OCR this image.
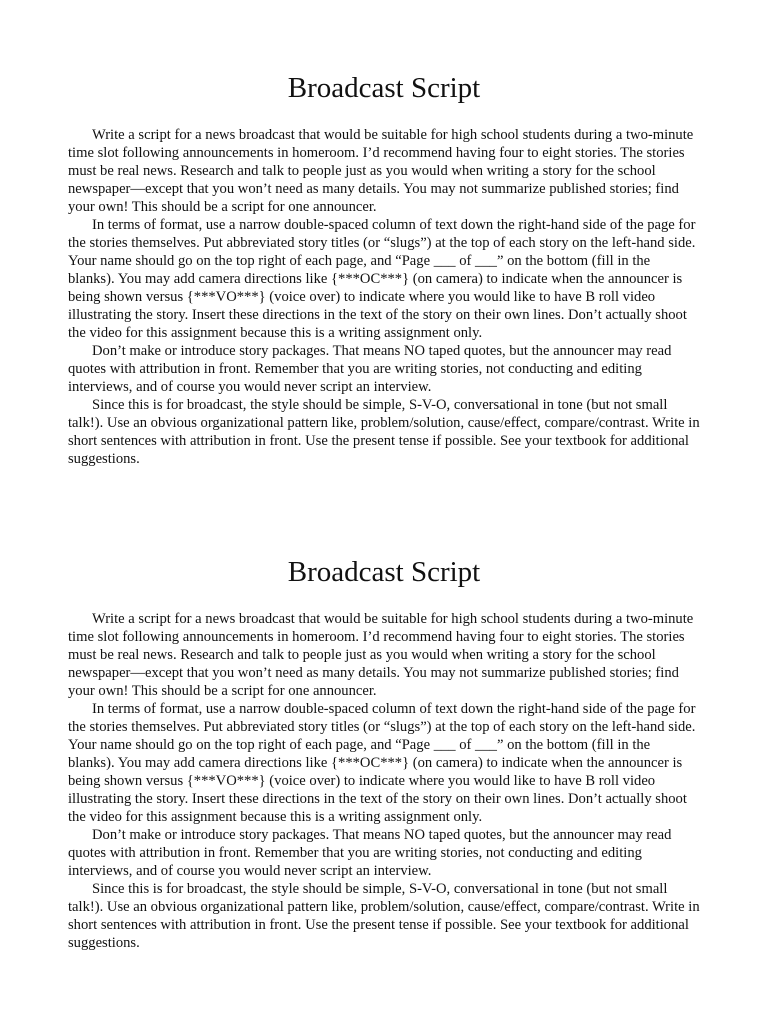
Broadcast Script

Write a script for a news broadcast that would be suitable for high school students during a two-minute time slot following announcements in homeroom. I’d recommend having four to eight stories. The stories must be real news. Research and talk to people just as you would when writing a story for the school newspaper—except that you won’t need as many details. You may not summarize published stories; find your own! This should be a script for one announcer.

In terms of format, use a narrow double-spaced column of text down the right-hand side of the page for the stories themselves. Put abbreviated story titles (or “slugs”) at the top of each story on the left-hand side. Your name should go on the top right of each page, and “Page ___ of ___” on the bottom (fill in the blanks). You may add camera directions like {***OC***} (on camera) to indicate when the announcer is being shown versus {***VO***} (voice over) to indicate where you would like to have B roll video illustrating the story. Insert these directions in the text of the story on their own lines. Don’t actually shoot the video for this assignment because this is a writing assignment only.

Don’t make or introduce story packages. That means NO taped quotes, but the announcer may read quotes with attribution in front. Remember that you are writing stories, not conducting and editing interviews, and of course you would never script an interview.

Since this is for broadcast, the style should be simple, S-V-O, conversational in tone (but not small talk!). Use an obvious organizational pattern like, problem/solution, cause/effect, compare/contrast. Write in short sentences with attribution in front. Use the present tense if possible. See your textbook for additional suggestions.

Broadcast Script

Write a script for a news broadcast that would be suitable for high school students during a two-minute time slot following announcements in homeroom. I’d recommend having four to eight stories. The stories must be real news. Research and talk to people just as you would when writing a story for the school newspaper—except that you won’t need as many details. You may not summarize published stories; find your own! This should be a script for one announcer.

In terms of format, use a narrow double-spaced column of text down the right-hand side of the page for the stories themselves. Put abbreviated story titles (or “slugs”) at the top of each story on the left-hand side. Your name should go on the top right of each page, and “Page ___ of ___” on the bottom (fill in the blanks). You may add camera directions like {***OC***} (on camera) to indicate when the announcer is being shown versus {***VO***} (voice over) to indicate where you would like to have B roll video illustrating the story. Insert these directions in the text of the story on their own lines. Don’t actually shoot the video for this assignment because this is a writing assignment only.

Don’t make or introduce story packages. That means NO taped quotes, but the announcer may read quotes with attribution in front. Remember that you are writing stories, not conducting and editing interviews, and of course you would never script an interview.

Since this is for broadcast, the style should be simple, S-V-O, conversational in tone (but not small talk!). Use an obvious organizational pattern like, problem/solution, cause/effect, compare/contrast. Write in short sentences with attribution in front. Use the present tense if possible. See your textbook for additional suggestions.
